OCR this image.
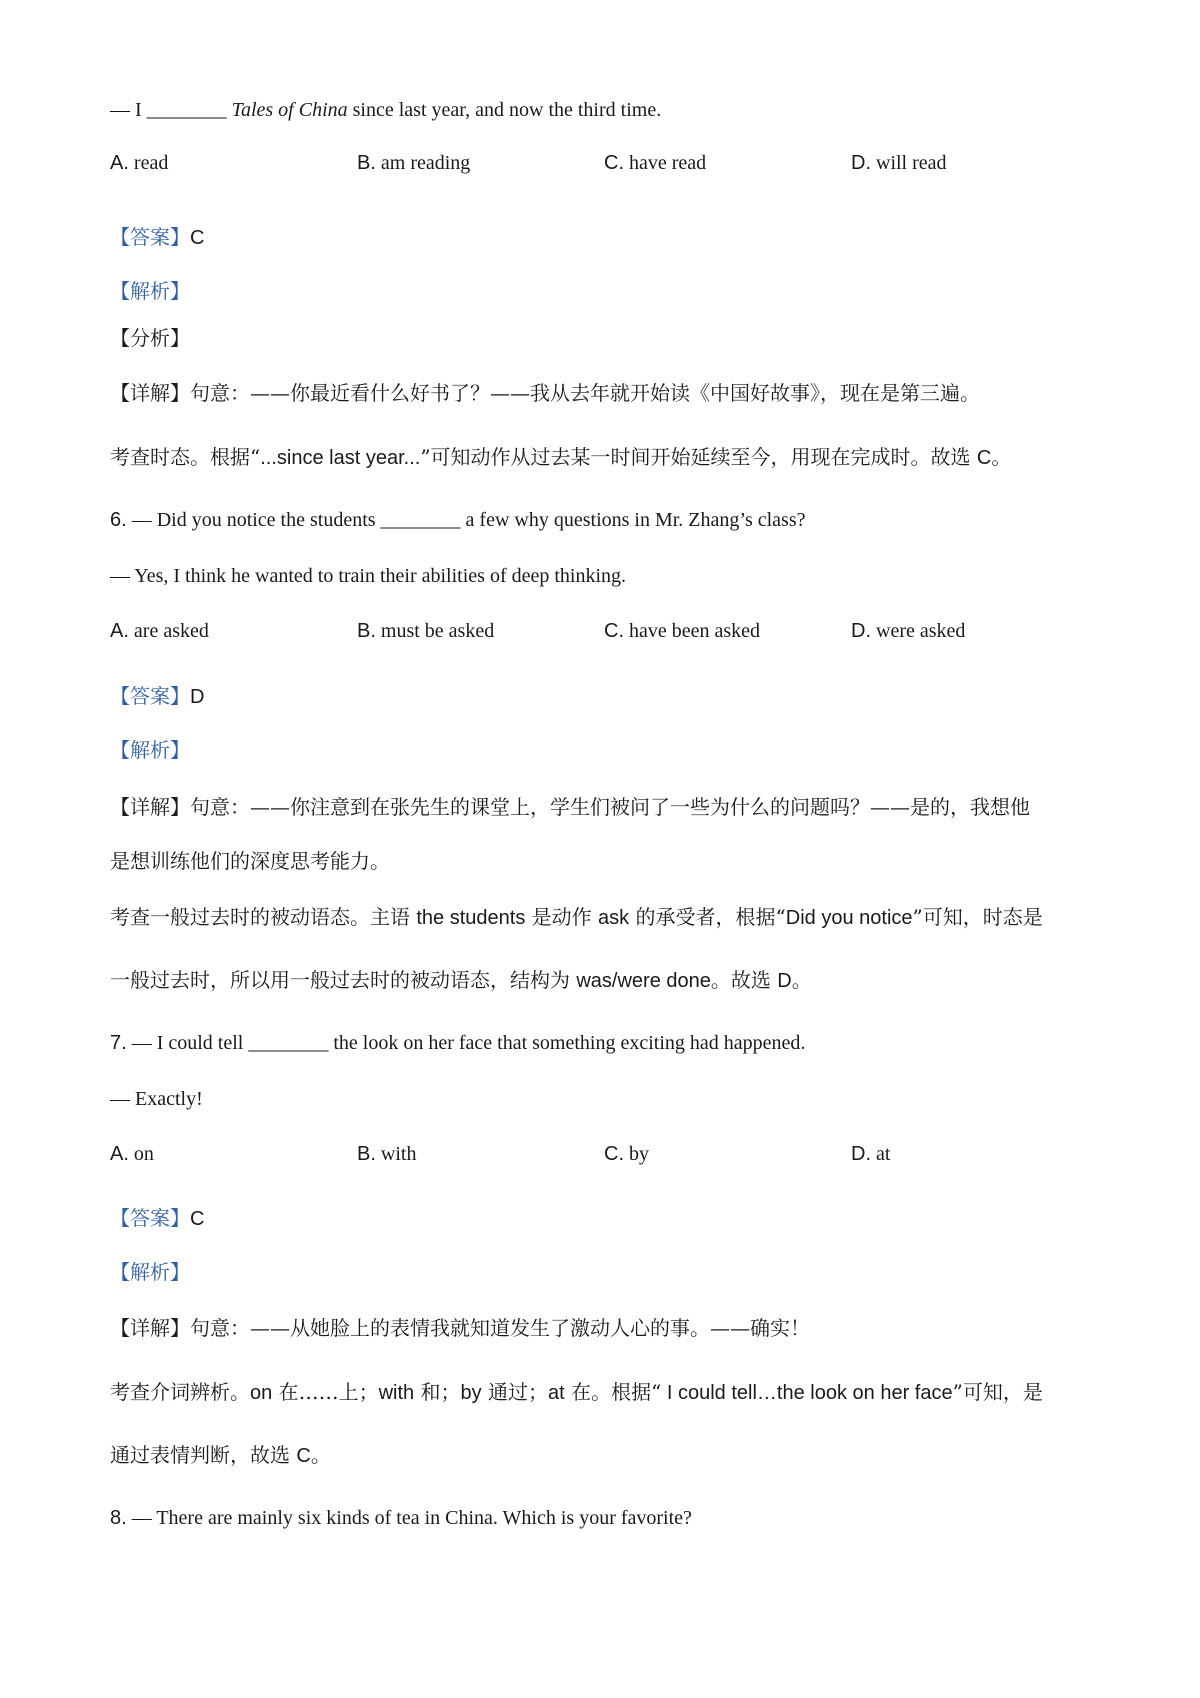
— I ________ Tales of China since last year, and now the third time.
A. read	B. am reading	C. have read	D. will read
【答案】C
【解析】
【分析】
【详解】句意：——你最近看什么好书了？——我从去年就开始读《中国好故事》，现在是第三遍。
考查时态。根据“...since last year...”可知动作从过去某一时间开始延续至今，用现在完成时。故选 C。
6. — Did you notice the students ________ a few why questions in Mr. Zhang’s class?
— Yes, I think he wanted to train their abilities of deep thinking.
A. are asked	B. must be asked	C. have been asked	D. were asked
【答案】D
【解析】
【详解】句意：——你注意到在张先生的课堂上，学生们被问了一些为什么的问题吗？——是的，我想他
是想训练他们的深度思考能力。
考查一般过去时的被动语态。主语 the students 是动作 ask 的承受者，根据“Did you notice”可知，时态是
一般过去时，所以用一般过去时的被动语态，结构为 was/were done。故选 D。
7. — I could tell ________ the look on her face that something exciting had happened.
— Exactly!
A. on	B. with	C. by	D. at
【答案】C
【解析】
【详解】句意：——从她脸上的表情我就知道发生了激动人心的事。——确实！
考查介词辨析。on 在……上；with 和；by 通过；at 在。根据“ I could tell…the look on her face”可知，是
通过表情判断，故选 C。
8. — There are mainly six kinds of tea in China. Which is your favorite?
